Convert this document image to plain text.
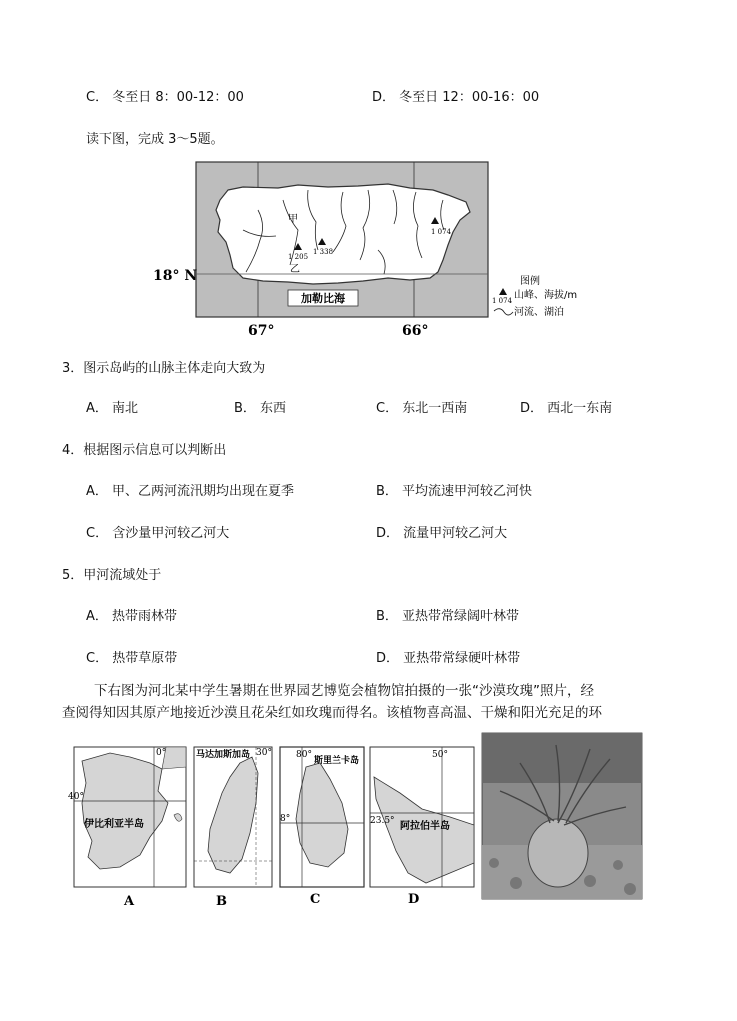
C． 冬至日 8：00-12：00	D． 冬至日 12：00-16：00
读下图，完成 3～5题。
加勒比海
甲
乙
1 205
1 338
1 074
18° N
67°	66°
图例
1 074 山峰、海拔/m
河流、湖泊
3．图示岛屿的山脉主体走向大致为
A． 南北	B． 东西	C． 东北一西南	D． 西北一东南
4．根据图示信息可以判断出
A． 甲、乙两河流汛期均出现在夏季	B． 平均流速甲河较乙河快
C． 含沙量甲河较乙河大	D． 流量甲河较乙河大
5．甲河流域处于
A． 热带雨林带	B． 亚热带常绿阔叶林带
C． 热带草原带	D． 亚热带常绿硬叶林带
下右图为河北某中学生暑期在世界园艺博览会植物馆拍摄的一张“沙漠玫瑰”照片，经
查阅得知因其原产地接近沙漠且花朵红如玫瑰而得名。该植物喜高温、干燥和阳光充足的环
0°
40°
伊比利亚半岛
A
马达加斯加岛 30°
B
80°
斯里兰卡岛
8°
C
50°
23.5° 阿拉伯半岛
D
